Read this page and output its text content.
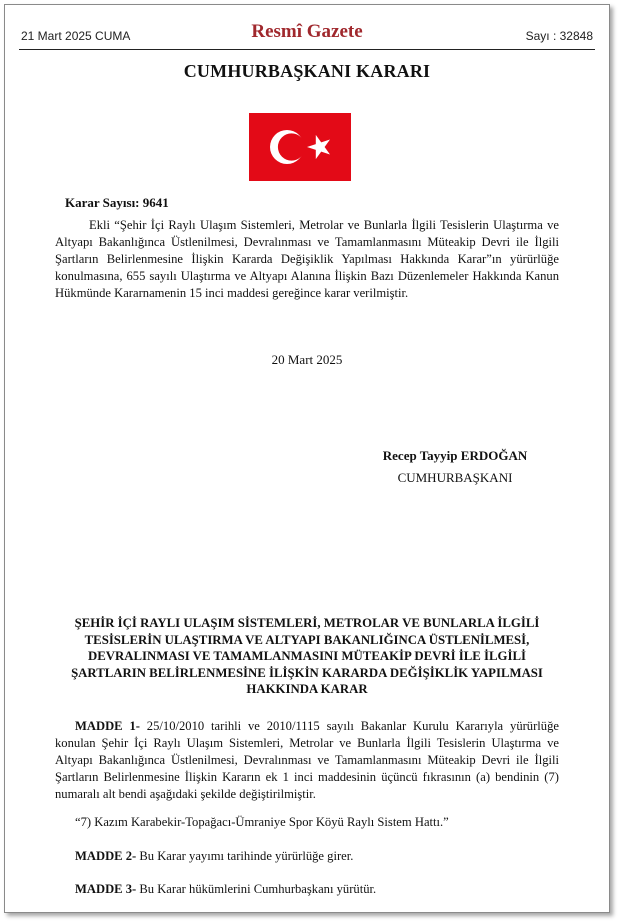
21 Mart 2025 CUMA	Resmî Gazete	Sayı : 32848
CUMHURBAŞKANI KARARI
Karar Sayısı: 9641

Ekli “Şehir İçi Raylı Ulaşım Sistemleri, Metrolar ve Bunlarla İlgili Tesislerin Ulaştırma ve Altyapı Bakanlığınca Üstlenilmesi, Devralınması ve Tamamlanmasını Müteakip Devri ile İlgili Şartların Belirlenmesine İlişkin Kararda Değişiklik Yapılması Hakkında Karar”ın yürürlüğe konulmasına, 655 sayılı Ulaştırma ve Altyapı Alanına İlişkin Bazı Düzenlemeler Hakkında Kanun Hükmünde Kararnamenin 15 inci maddesi gereğince karar verilmiştir.

20 Mart 2025
Recep Tayyip ERDOĞAN
CUMHURBAŞKANI

ŞEHİR İÇİ RAYLI ULAŞIM SİSTEMLERİ, METROLAR VE BUNLARLA İLGİLİ TESİSLERİN ULAŞTIRMA VE ALTYAPI BAKANLIĞINCA ÜSTLENİLMESİ, DEVRALINMASI VE TAMAMLANMASINI MÜTEAKİP DEVRİ İLE İLGİLİ ŞARTLARIN BELİRLENMESİNE İLİŞKİN KARARDA DEĞİŞİKLİK YAPILMASI HAKKINDA KARAR

MADDE 1- 25/10/2010 tarihli ve 2010/1115 sayılı Bakanlar Kurulu Kararıyla yürürlüğe konulan Şehir İçi Raylı Ulaşım Sistemleri, Metrolar ve Bunlarla İlgili Tesislerin Ulaştırma ve Altyapı Bakanlığınca Üstlenilmesi, Devralınması ve Tamamlanmasını Müteakip Devri ile İlgili Şartların Belirlenmesine İlişkin Kararın ek 1 inci maddesinin üçüncü fıkrasının (a) bendinin (7) numaralı alt bendi aşağıdaki şekilde değiştirilmiştir.

“7) Kazım Karabekir-Topağacı-Ümraniye Spor Köyü Raylı Sistem Hattı.”

MADDE 2- Bu Karar yayımı tarihinde yürürlüğe girer.

MADDE 3- Bu Karar hükümlerini Cumhurbaşkanı yürütür.
